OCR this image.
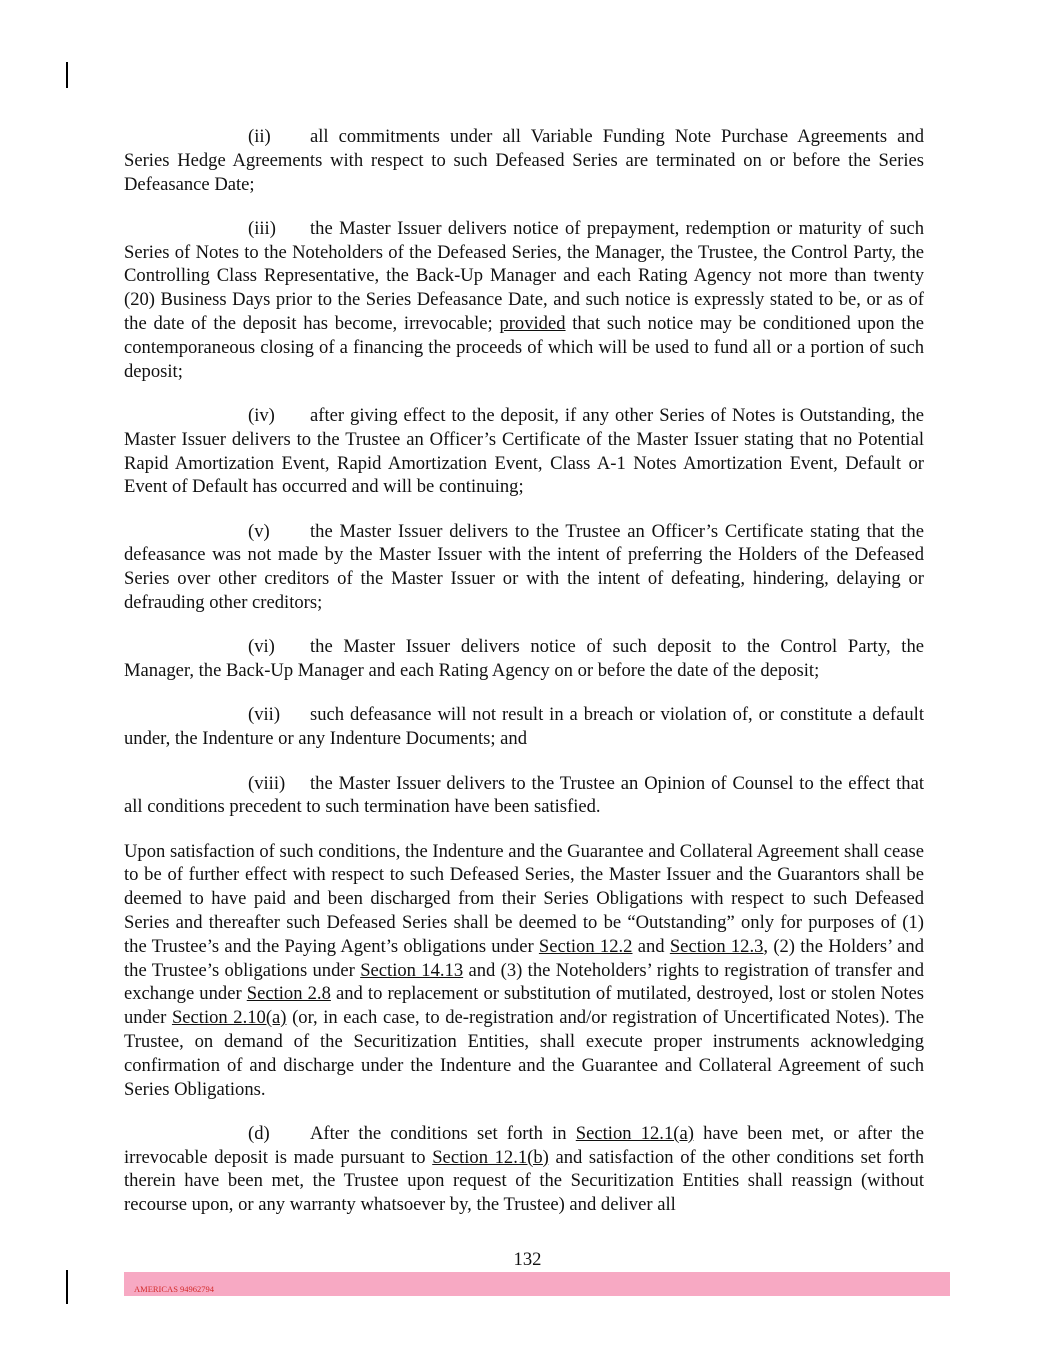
(ii) all commitments under all Variable Funding Note Purchase Agreements and Series Hedge Agreements with respect to such Defeased Series are terminated on or before the Series Defeasance Date;

(iii) the Master Issuer delivers notice of prepayment, redemption or maturity of such Series of Notes to the Noteholders of the Defeased Series, the Manager, the Trustee, the Control Party, the Controlling Class Representative, the Back-Up Manager and each Rating Agency not more than twenty (20) Business Days prior to the Series Defeasance Date, and such notice is expressly stated to be, or as of the date of the deposit has become, irrevocable; provided that such notice may be conditioned upon the contemporaneous closing of a financing the proceeds of which will be used to fund all or a portion of such deposit;

(iv) after giving effect to the deposit, if any other Series of Notes is Outstanding, the Master Issuer delivers to the Trustee an Officer’s Certificate of the Master Issuer stating that no Potential Rapid Amortization Event, Rapid Amortization Event, Class A-1 Notes Amortization Event, Default or Event of Default has occurred and will be continuing;

(v) the Master Issuer delivers to the Trustee an Officer’s Certificate stating that the defeasance was not made by the Master Issuer with the intent of preferring the Holders of the Defeased Series over other creditors of the Master Issuer or with the intent of defeating, hindering, delaying or defrauding other creditors;

(vi) the Master Issuer delivers notice of such deposit to the Control Party, the Manager, the Back-Up Manager and each Rating Agency on or before the date of the deposit;

(vii) such defeasance will not result in a breach or violation of, or constitute a default under, the Indenture or any Indenture Documents; and

(viii) the Master Issuer delivers to the Trustee an Opinion of Counsel to the effect that all conditions precedent to such termination have been satisfied.

Upon satisfaction of such conditions, the Indenture and the Guarantee and Collateral Agreement shall cease to be of further effect with respect to such Defeased Series, the Master Issuer and the Guarantors shall be deemed to have paid and been discharged from their Series Obligations with respect to such Defeased Series and thereafter such Defeased Series shall be deemed to be “Outstanding” only for purposes of (1) the Trustee’s and the Paying Agent’s obligations under Section 12.2 and Section 12.3, (2) the Holders’ and the Trustee’s obligations under Section 14.13 and (3) the Noteholders’ rights to registration of transfer and exchange under Section 2.8 and to replacement or substitution of mutilated, destroyed, lost or stolen Notes under Section 2.10(a) (or, in each case, to de-registration and/or registration of Uncertificated Notes). The Trustee, on demand of the Securitization Entities, shall execute proper instruments acknowledging confirmation of and discharge under the Indenture and the Guarantee and Collateral Agreement of such Series Obligations.

(d) After the conditions set forth in Section 12.1(a) have been met, or after the irrevocable deposit is made pursuant to Section 12.1(b) and satisfaction of the other conditions set forth therein have been met, the Trustee upon request of the Securitization Entities shall reassign (without recourse upon, or any warranty whatsoever by, the Trustee) and deliver all

132
AMERICAS 94962794
